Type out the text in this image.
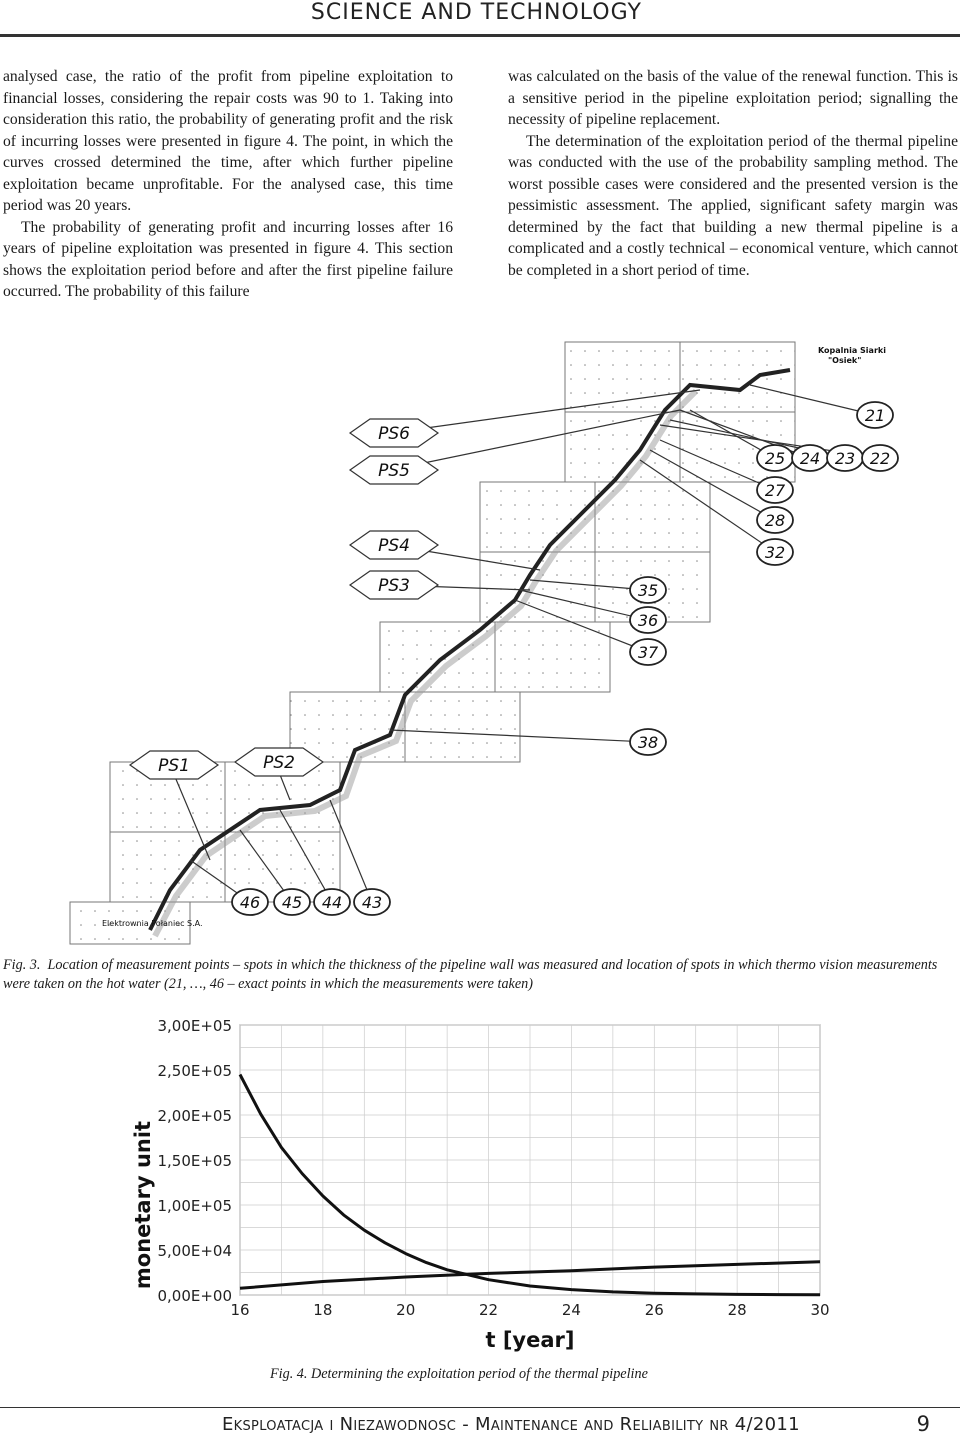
SCIENCE AND TECHNOLOGY

analysed case, the ratio of the profit from pipeline exploitation to financial losses, considering the repair costs was 90 to 1. Taking into consideration this ratio, the probability of generating profit and the risk of incurring losses were presented in figure 4. The point, in which the curves crossed determined the time, after which further pipeline exploitation became unprofitable. For the analysed case, this time period was 20 years.

The probability of generating profit and incurring losses after 16 years of pipeline exploitation was presented in figure 4. This section shows the exploitation period before and after the first pipeline failure occurred. The probability of this failure

was calculated on the basis of the value of the renewal function. This is a sensitive period in the pipeline exploitation period; signalling the necessity of pipeline replacement.

The determination of the exploitation period of the thermal pipeline was conducted with the use of the probability sampling method. The worst possible cases were considered and the presented version is the pessimistic assessment. The applied, significant safety margin was determined by the fact that building a new thermal pipeline is a complicated and a costly technical – economical venture, which cannot be completed in a short period of time.

Kopalnia Siarki
"Osiek"
Elektrownia Połaniec S.A.
PS6
PS5
PS4
PS3
PS1	PS2
21
25 24 23 22
27
28
32
35
36
37
38
46 45 44 43
Fig. 3. Location of measurement points – spots in which the thickness of the pipeline wall was measured and location of spots in which thermo vision measurements were taken on the hot water (21, …, 46 – exact points in which the measurements were taken)
0,00E+00
5,00E+04
1,00E+05
1,50E+05
2,00E+05
2,50E+05
3,00E+05
16	18	20	22	24	26	28	30
monetary unit
t [year]
Fig. 4. Determining the exploitation period of the thermal pipeline
Eksploatacja i Niezawodnosc - Maintenance and Reliability nr 4/2011	9
